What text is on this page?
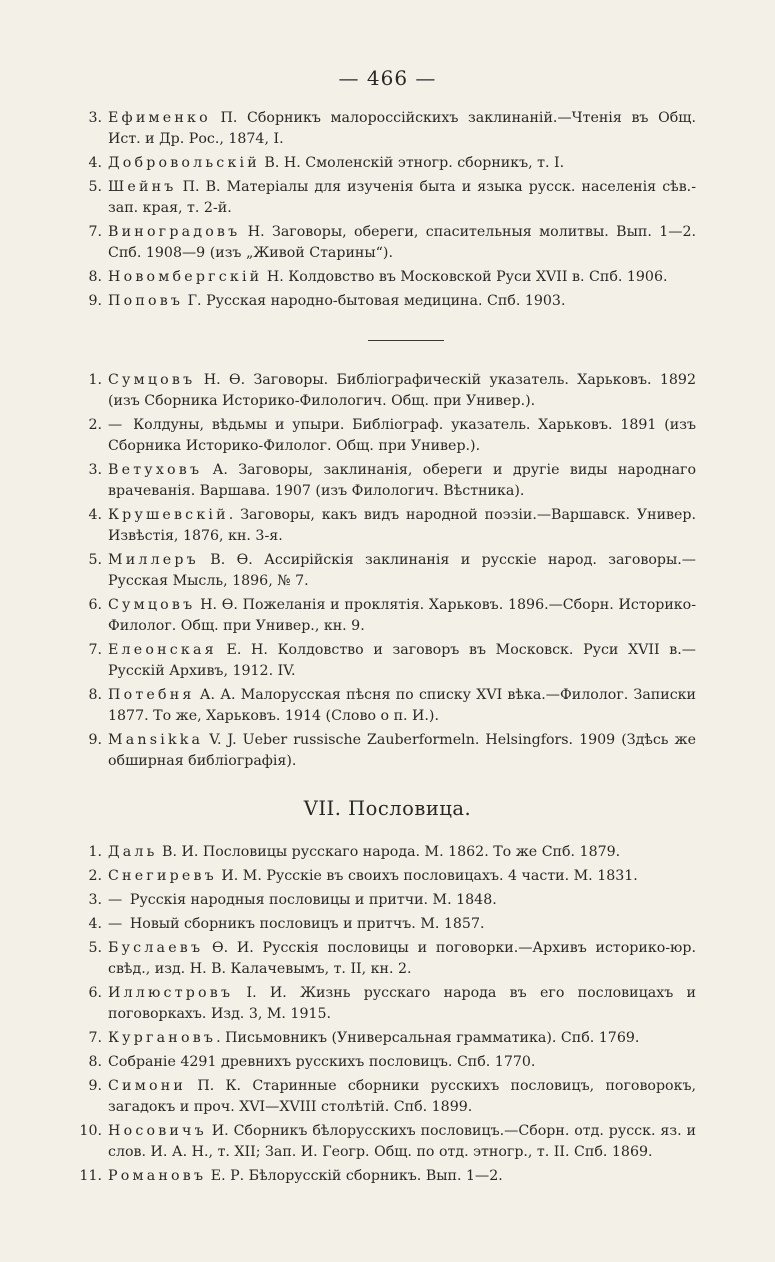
— 466 —
3. Ефименко П. Сборникъ малороссійскихъ заклинаній.—Чтенія въ Общ. Ист. и Др. Рос., 1874, I.
4. Добровольскій В. Н. Смоленскій этногр. сборникъ, т. I.
5. Шейнъ П. В. Матеріалы для изученія быта и языка русск. населенія сѣв.-зап. края, т. 2-й.
7. Виноградовъ Н. Заговоры, обереги, спасительныя молитвы. Вып. 1—2. Спб. 1908—9 (изъ „Живой Старины“).
8. Новомбергскій Н. Колдовство въ Московской Руси XVII в. Спб. 1906.
9. Поповъ Г. Русская народно-бытовая медицина. Спб. 1903.
1. Сумцовъ Н. Ѳ. Заговоры. Библіографическій указатель. Харьковъ. 1892 (изъ Сборника Историко-Филологич. Общ. при Универ.).
2. — Колдуны, вѣдьмы и упыри. Библіограф. указатель. Харьковъ. 1891 (изъ Сборника Историко-Филолог. Общ. при Универ.).
3. Ветуховъ А. Заговоры, заклинанія, обереги и другіе виды народнаго врачеванія. Варшава. 1907 (изъ Филологич. Вѣстника).
4. Крушевскій. Заговоры, какъ видъ народной поэзіи.—Варшавск. Универ. Извѣстія, 1876, кн. 3-я.
5. Миллеръ В. Ѳ. Ассирійскія заклинанія и русскіе народ. заговоры.—Русская Мысль, 1896, № 7.
6. Сумцовъ Н. Ѳ. Пожеланія и проклятія. Харьковъ. 1896.—Сборн. Историко-Филолог. Общ. при Универ., кн. 9.
7. Елеонская Е. Н. Колдовство и заговоръ въ Московск. Руси XVII в.—Русскій Архивъ, 1912. IV.
8. Потебня А. А. Малорусская пѣсня по списку XVI вѣка.—Филолог. Записки 1877. То же, Харьковъ. 1914 (Слово о п. И.).
9. Mansikka V. J. Ueber russische Zauberformeln. Helsingfors. 1909 (Здѣсь же обширная библіографія).
VII. Пословица.
1. Даль В. И. Пословицы русскаго народа. М. 1862. То же Спб. 1879.
2. Снегиревъ И. М. Русскіе въ своихъ пословицахъ. 4 части. М. 1831.
3. — Русскія народныя пословицы и притчи. М. 1848.
4. — Новый сборникъ пословицъ и притчъ. М. 1857.
5. Буслаевъ Ѳ. И. Русскія пословицы и поговорки.—Архивъ историко-юр. свѣд., изд. Н. В. Калачевымъ, т. II, кн. 2.
6. Иллюстровъ I. И. Жизнь русскаго народа въ его пословицахъ и поговоркахъ. Изд. 3, М. 1915.
7. Кургановъ. Письмовникъ (Универсальная грамматика). Спб. 1769.
8. Собраніе 4291 древнихъ русскихъ пословицъ. Спб. 1770.
9. Симони П. К. Старинные сборники русскихъ пословицъ, поговорокъ, загадокъ и проч. XVI—XVIII столѣтій. Спб. 1899.
10. Носовичъ И. Сборникъ бѣлорусскихъ пословицъ.—Сборн. отд. русск. яз. и слов. И. А. Н., т. XII; Зап. И. Геогр. Общ. по отд. этногр., т. II. Спб. 1869.
11. Романовъ Е. Р. Бѣлорусскій сборникъ. Вып. 1—2.
